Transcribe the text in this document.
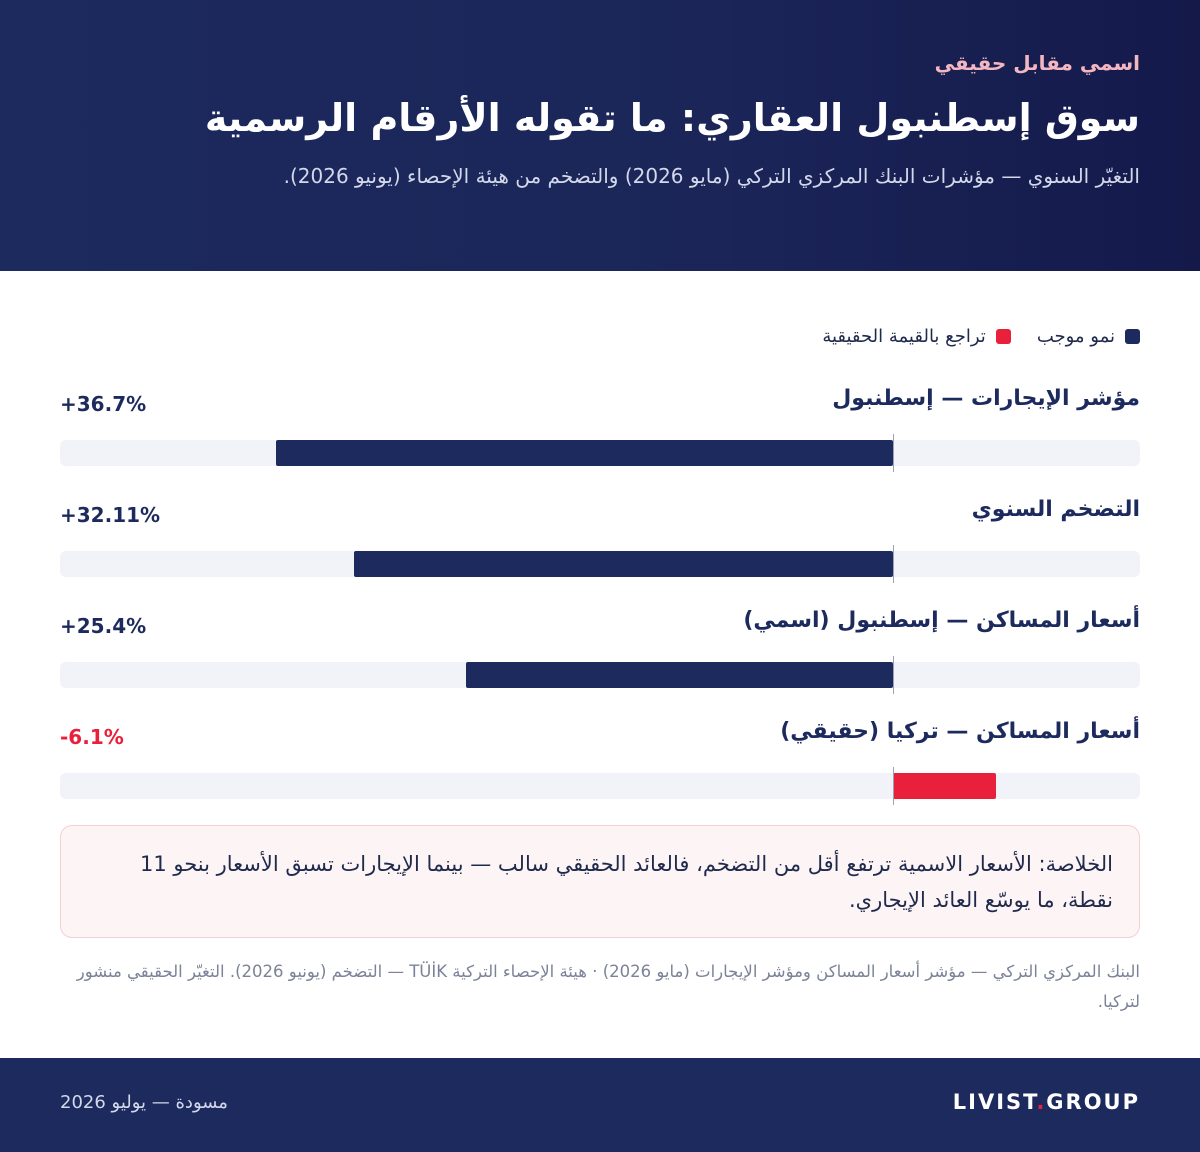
اسمي مقابل حقيقي
سوق إسطنبول العقاري: ما تقوله الأرقام الرسمية
التغيّر السنوي — مؤشرات البنك المركزي التركي (مايو 2026) والتضخم من هيئة الإحصاء (يونيو 2026).
نمو موجب
تراجع بالقيمة الحقيقية
مؤشر الإيجارات — إسطنبول
+36.7%
التضخم السنوي
+32.11%
أسعار المساكن — إسطنبول (اسمي)
+25.4%
أسعار المساكن — تركيا (حقيقي)
-6.1%
الخلاصة: الأسعار الاسمية ترتفع أقل من التضخم، فالعائد الحقيقي سالب — بينما الإيجارات تسبق الأسعار بنحو 11 نقطة، ما يوسّع العائد الإيجاري.
البنك المركزي التركي — مؤشر أسعار المساكن ومؤشر الإيجارات (مايو 2026) · هيئة الإحصاء التركية TÜİK — التضخم (يونيو 2026). التغيّر الحقيقي منشور لتركيا.
LIVIST.GROUP
مسودة — يوليو 2026
